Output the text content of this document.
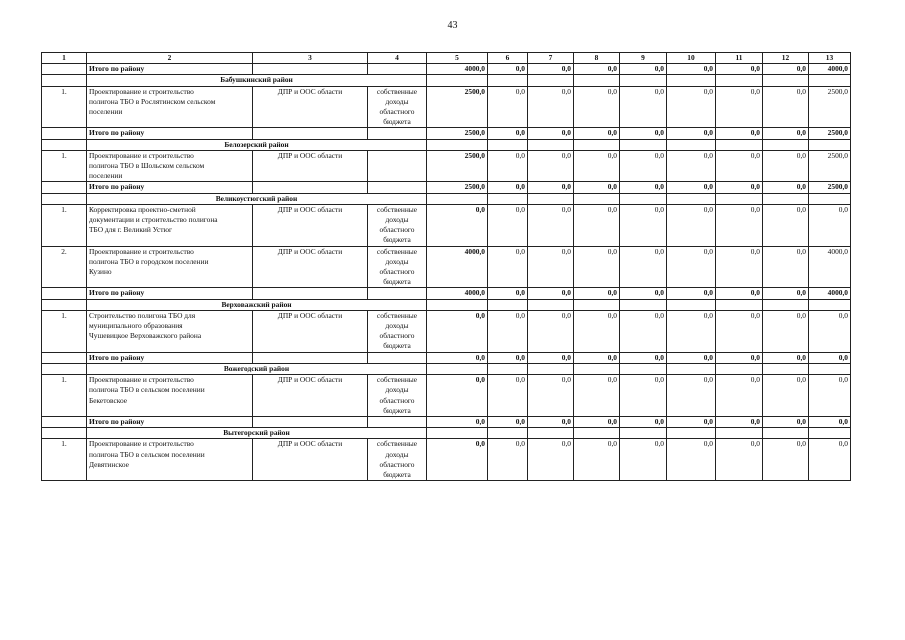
43
1	2	3	4	5	6	7	8	9	10	11	12	13
	Итого по району			4000,0	0,0	0,0	0,0	0,0	0,0	0,0	0,0	4000,0
	Бабушкинский район											
1.	Проектирование и строительство
полигона ТБО в Рослятинском сельском
поселении	ДПР и ООС области	собственные
доходы
областного
бюджета	2500,0	0,0	0,0	0,0	0,0	0,0	0,0	0,0	2500,0
	Итого по району			2500,0	0,0	0,0	0,0	0,0	0,0	0,0	0,0	2500,0
	Белозерский район											
1.	Проектирование и строительство
полигона ТБО в Шольском сельском
поселении	ДПР и ООС области		2500,0	0,0	0,0	0,0	0,0	0,0	0,0	0,0	2500,0
	Итого по району			2500,0	0,0	0,0	0,0	0,0	0,0	0,0	0,0	2500,0
	Великоустюгский район											
1.	Корректировка проектно-сметной
документации и строительство полигона
ТБО для г. Великий Устюг	ДПР и ООС области	собственные
доходы
областного
бюджета	0,0	0,0	0,0	0,0	0,0	0,0	0,0	0,0	0,0
2.	Проектирование и строительство
полигона ТБО в городском поселении
Кузино	ДПР и ООС области	собственные
доходы
областного
бюджета	4000,0	0,0	0,0	0,0	0,0	0,0	0,0	0,0	4000,0
	Итого по району			4000,0	0,0	0,0	0,0	0,0	0,0	0,0	0,0	4000,0
	Верховажский район											
1.	Строительство полигона ТБО для
муниципального образования
Чушевицкое Верховажского района	ДПР и ООС области	собственные
доходы
областного
бюджета	0,0	0,0	0,0	0,0	0,0	0,0	0,0	0,0	0,0
	Итого по району			0,0	0,0	0,0	0,0	0,0	0,0	0,0	0,0	0,0
	Вожегодский район											
1.	Проектирование и строительство
полигона ТБО в сельском поселении
Бекетовское	ДПР и ООС области	собственные
доходы
областного
бюджета	0,0	0,0	0,0	0,0	0,0	0,0	0,0	0,0	0,0
	Итого по району			0,0	0,0	0,0	0,0	0,0	0,0	0,0	0,0	0,0
	Вытегорский район											
1.	Проектирование и строительство
полигона ТБО в сельском поселении
Девятинское	ДПР и ООС области	собственные
доходы
областного
бюджета	0,0	0,0	0,0	0,0	0,0	0,0	0,0	0,0	0,0
